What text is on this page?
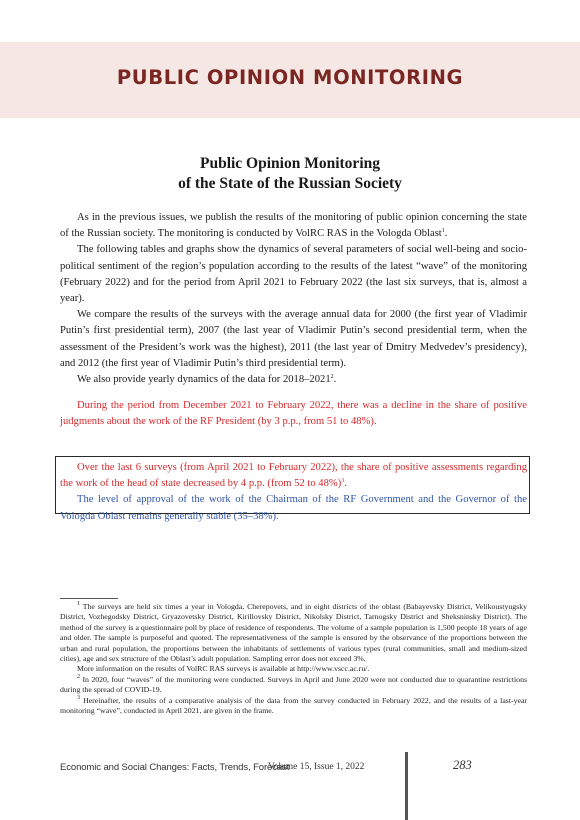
PUBLIC OPINION MONITORING
Public Opinion Monitoring
of the State of the Russian Society

As in the previous issues, we publish the results of the monitoring of public opinion concerning the state of the Russian society. The monitoring is conducted by VolRC RAS in the Vologda Oblast$^1$.

The following tables and graphs show the dynamics of several parameters of social well-being and socio-political sentiment of the region’s population according to the results of the latest “wave” of the monitoring (February 2022) and for the period from April 2021 to February 2022 (the last six surveys, that is, almost a year).

We compare the results of the surveys with the average annual data for 2000 (the first year of Vladimir Putin’s first presidential term), 2007 (the last year of Vladimir Putin’s second presidential term, when the assessment of the President’s work was the highest), 2011 (the last year of Dmitry Medvedev’s presidency), and 2012 (the first year of Vladimir Putin’s third presidential term).

We also provide yearly dynamics of the data for 2018–2021$^2$.

During the period from December 2021 to February 2022, there was a decline in the share of positive judgments about the work of the RF President (by 3 p.p., from 51 to 48%).

Over the last 6 surveys (from April 2021 to February 2022), the share of positive assessments regarding the work of the head of state decreased by 4 p.p. (from 52 to 48%)$^3$.

The level of approval of the work of the Chairman of the RF Government and the Governor of the Vologda Oblast remains generally stable (35–38%).

$^1$ The surveys are held six times a year in Vologda, Cherepovets, and in eight districts of the oblast (Babayevsky District, Velikoustyugsky District, Vozhegodsky District, Gryazovetsky District, Kirillovsky District, Nikolsky District, Tarnogsky District and Sheksninsky District). The method of the survey is a questionnaire poll by place of residence of respondents. The volume of a sample population is 1,500 people 18 years of age and older. The sample is purposeful and quoted. The representativeness of the sample is ensured by the observance of the proportions between the urban and rural population, the proportions between the inhabitants of settlements of various types (rural communities, small and medium-sized cities), age and sex structure of the Oblast’s adult population. Sampling error does not exceed 3%.

More information on the results of VolRC RAS surveys is available at http://www.vscc.ac.ru/.

$^2$ In 2020, four “waves” of the monitoring were conducted. Surveys in April and June 2020 were not conducted due to quarantine restrictions during the spread of COVID-19.

$^3$ Hereinafter, the results of a comparative analysis of the data from the survey conducted in February 2022, and the results of a last-year monitoring “wave”, conducted in April 2021, are given in the frame.

Economic and Social Changes: Facts, Trends, Forecast
Volume 15, Issue 1, 2022	283
